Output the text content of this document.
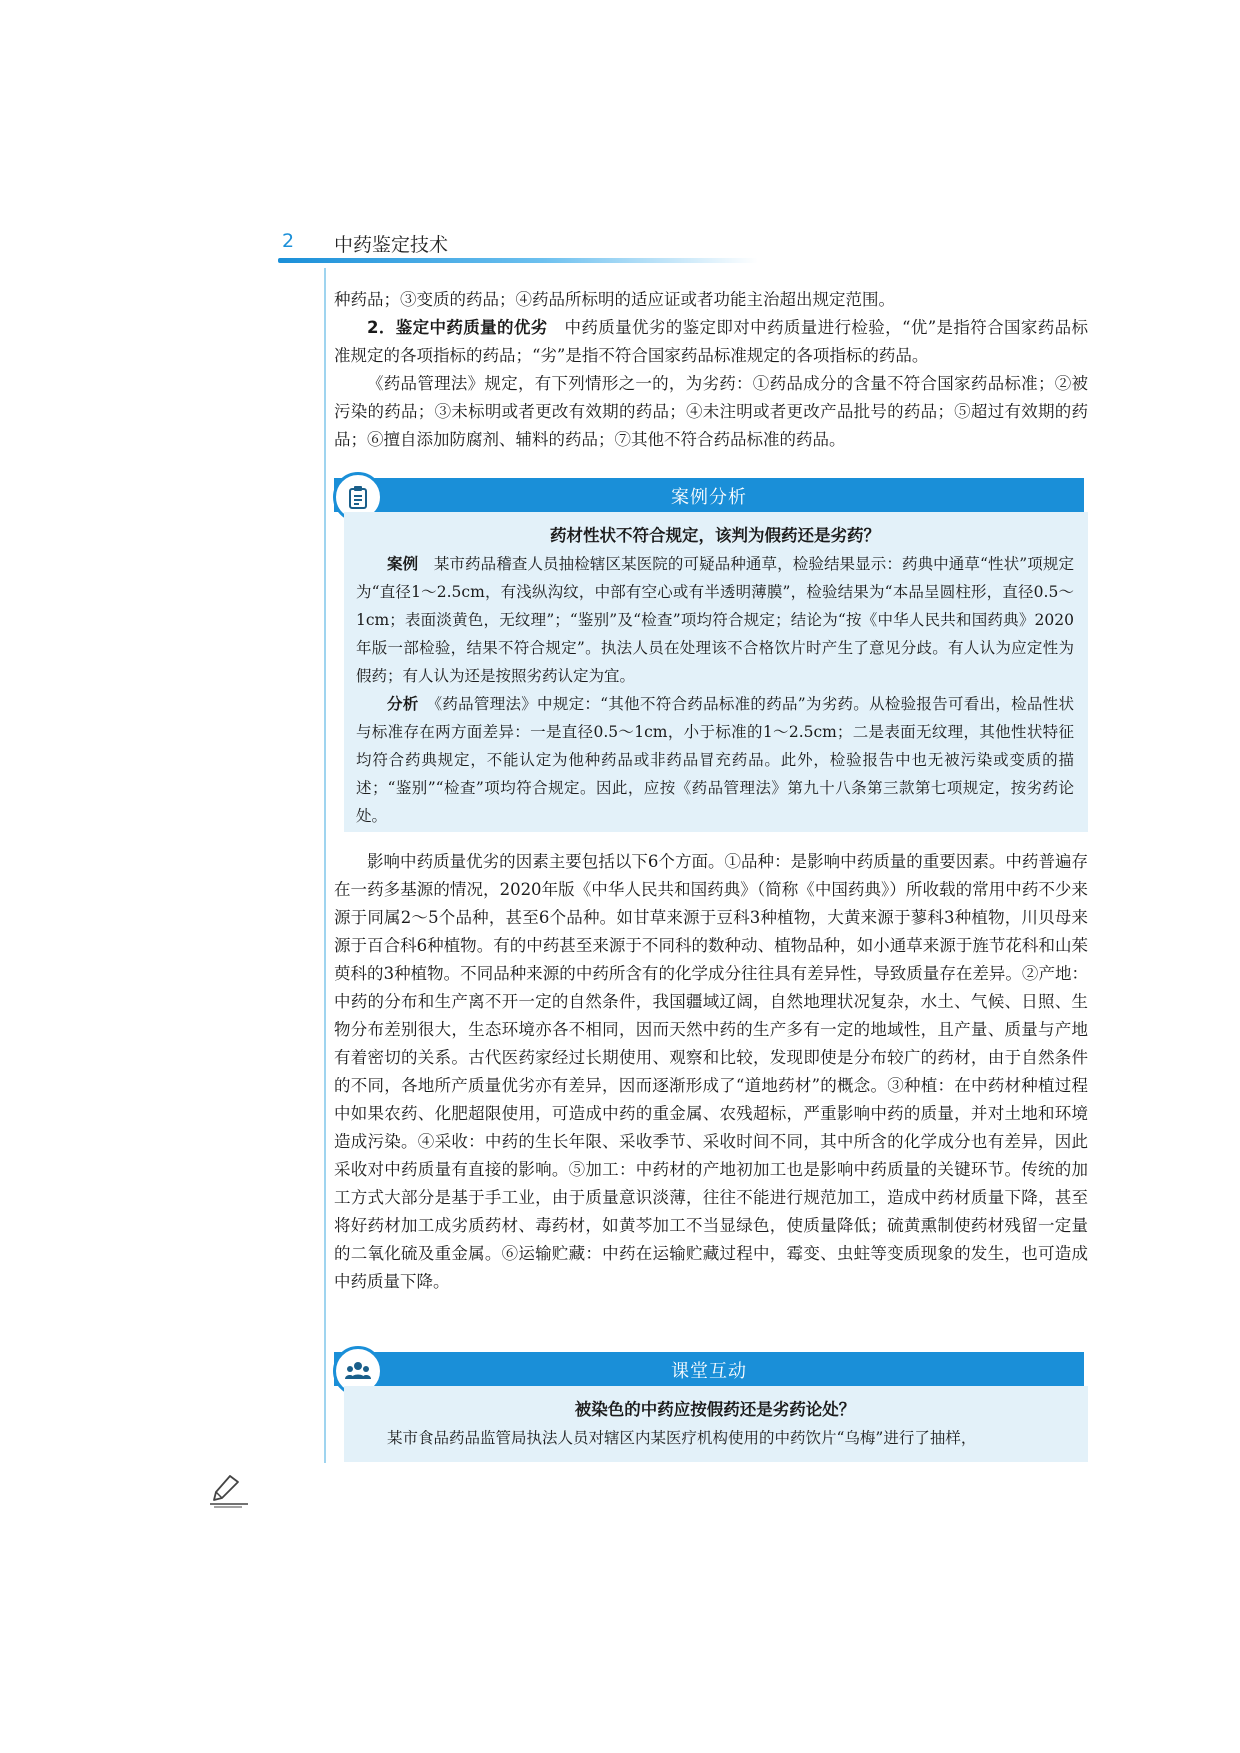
2 中药鉴定技术

种药品；③变质的药品；④药品所标明的适应证或者功能主治超出规定范围。

2．鉴定中药质量的优劣　 中药质量优劣的鉴定即对中药质量进行检验，“优”是指符合国家药品标准规定的各项指标的药品；“劣”是指不符合国家药品标准规定的各项指标的药品。

《药品管理法》规定，有下列情形之一的，为劣药：①药品成分的含量不符合国家药品标准；②被污染的药品；③未标明或者更改有效期的药品；④未注明或者更改产品批号的药品；⑤超过有效期的药品；⑥擅自添加防腐剂、辅料的药品；⑦其他不符合药品标准的药品。

案例分析

药材性状不符合规定，该判为假药还是劣药？

案例　 某市药品稽查人员抽检辖区某医院的可疑品种通草，检验结果显示：药典中通草“性状”项规定为“直径1～2.5cm，有浅纵沟纹，中部有空心或有半透明薄膜”，检验结果为“本品呈圆柱形，直径0.5～1cm；表面淡黄色，无纹理”；“鉴别”及“检查”项均符合规定；结论为“按《中华人民共和国药典》2020年版一部检验，结果不符合规定”。执法人员在处理该不合格饮片时产生了意见分歧。有人认为应定性为假药；有人认为还是按照劣药认定为宜。

分析　 《药品管理法》中规定：“其他不符合药品标准的药品”为劣药。从检验报告可看出，检品性状与标准存在两方面差异：一是直径0.5～1cm，小于标准的1～2.5cm；二是表面无纹理，其他性状特征均符合药典规定，不能认定为他种药品或非药品冒充药品。此外，检验报告中也无被污染或变质的描述；“鉴别”“检查”项均符合规定。因此，应按《药品管理法》第九十八条第三款第七项规定，按劣药论处。

影响中药质量优劣的因素主要包括以下6个方面。①品种：是影响中药质量的重要因素。中药普遍存在一药多基源的情况，2020年版《中华人民共和国药典》（简称《中国药典》）所收载的常用中药不少来源于同属2～5个品种，甚至6个品种。如甘草来源于豆科3种植物，大黄来源于蓼科3种植物，川贝母来源于百合科6种植物。有的中药甚至来源于不同科的数种动、植物品种，如小通草来源于旌节花科和山茱萸科的3种植物。不同品种来源的中药所含有的化学成分往往具有差异性，导致质量存在差异。②产地：中药的分布和生产离不开一定的自然条件，我国疆域辽阔，自然地理状况复杂，水土、气候、日照、生物分布差别很大，生态环境亦各不相同，因而天然中药的生产多有一定的地域性，且产量、质量与产地有着密切的关系。古代医药家经过长期使用、观察和比较，发现即使是分布较广的药材，由于自然条件的不同，各地所产质量优劣亦有差异，因而逐渐形成了“道地药材”的概念。③种植：在中药材种植过程中如果农药、化肥超限使用，可造成中药的重金属、农残超标，严重影响中药的质量，并对土地和环境造成污染。④采收：中药的生长年限、采收季节、采收时间不同，其中所含的化学成分也有差异，因此采收对中药质量有直接的影响。⑤加工：中药材的产地初加工也是影响中药质量的关键环节。传统的加工方式大部分是基于手工业，由于质量意识淡薄，往往不能进行规范加工，造成中药材质量下降，甚至将好药材加工成劣质药材、毒药材，如黄芩加工不当显绿色，使质量降低；硫黄熏制使药材残留一定量的二氧化硫及重金属。⑥运输贮藏：中药在运输贮藏过程中，霉变、虫蛀等变质现象的发生，也可造成中药质量下降。

课堂互动

被染色的中药应按假药还是劣药论处？

某市食品药品监管局执法人员对辖区内某医疗机构使用的中药饮片“乌梅”进行了抽样，
